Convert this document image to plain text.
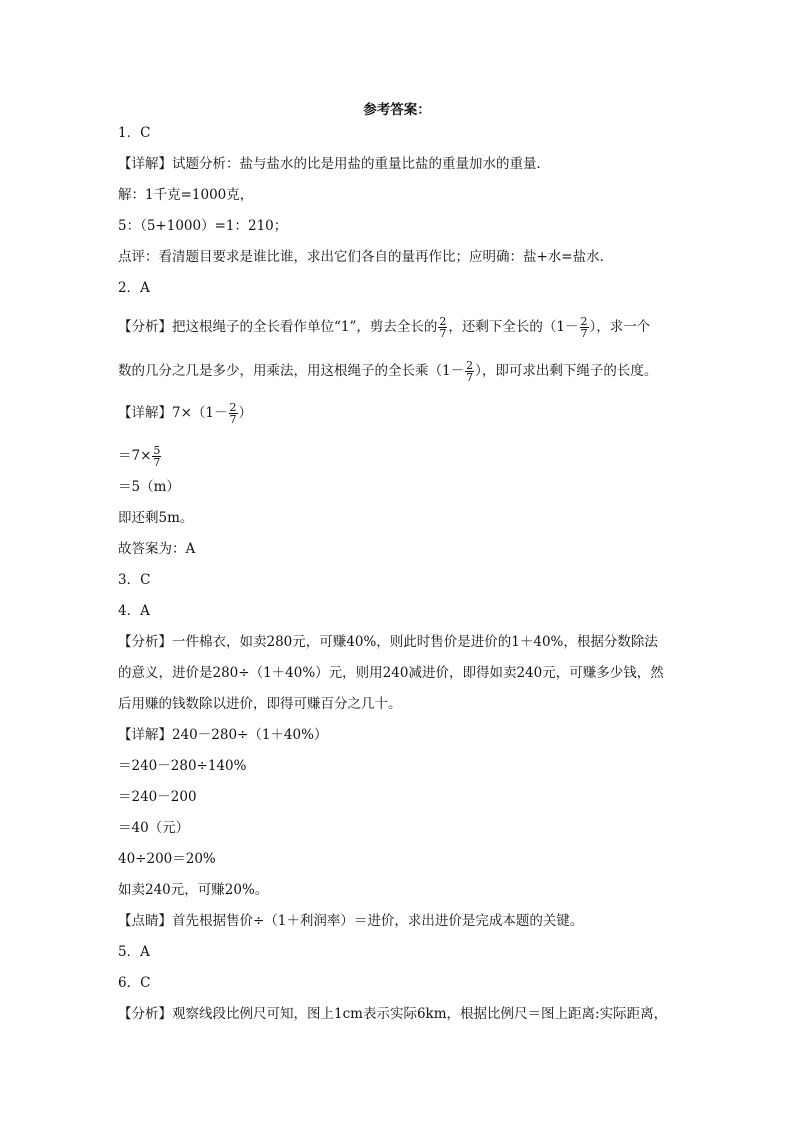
参考答案：
1．C
【详解】试题分析：盐与盐水的比是用盐的重量比盐的重量加水的重量．
解：1千克=1000克，
5：（5+1000）=1：210；
点评：看清题目要求是谁比谁，求出它们各自的量再作比；应明确：盐+水=盐水．
2．A
【分析】把这根绳子的全长看作单位“1”，剪去全长的 $\frac{2}{7}$ ，还剩下全长的（$1- \frac{2}{7}$ ），求一个
数的几分之几是多少，用乘法，用这根绳子的全长乘（$1- \frac{2}{7}$ ），即可求出剩下绳子的长度。
【详解】$7\times(1- \frac{2}{7}$ ）
$=7\times \frac{5}{7}$
＝5（m）
即还剩5m。
故答案为：A
3．C
4．A
【分析】一件棉衣，如卖280元，可赚40%，则此时售价是进价的1＋40%，根据分数除法
的意义，进价是280÷（1＋40%）元，则用240减进价，即得如卖240元，可赚多少钱，然
后用赚的钱数除以进价，即得可赚百分之几十。
【详解】240－280÷（1＋40%）
＝240－280÷140%
＝240－200
＝40（元）
40÷200＝20%
如卖240元，可赚20%。
【点睛】首先根据售价÷（1＋利润率）＝进价，求出进价是完成本题的关键。
5．A
6．C
【分析】观察线段比例尺可知，图上1cm表示实际6km，根据比例尺＝图上距离:实际距离，
